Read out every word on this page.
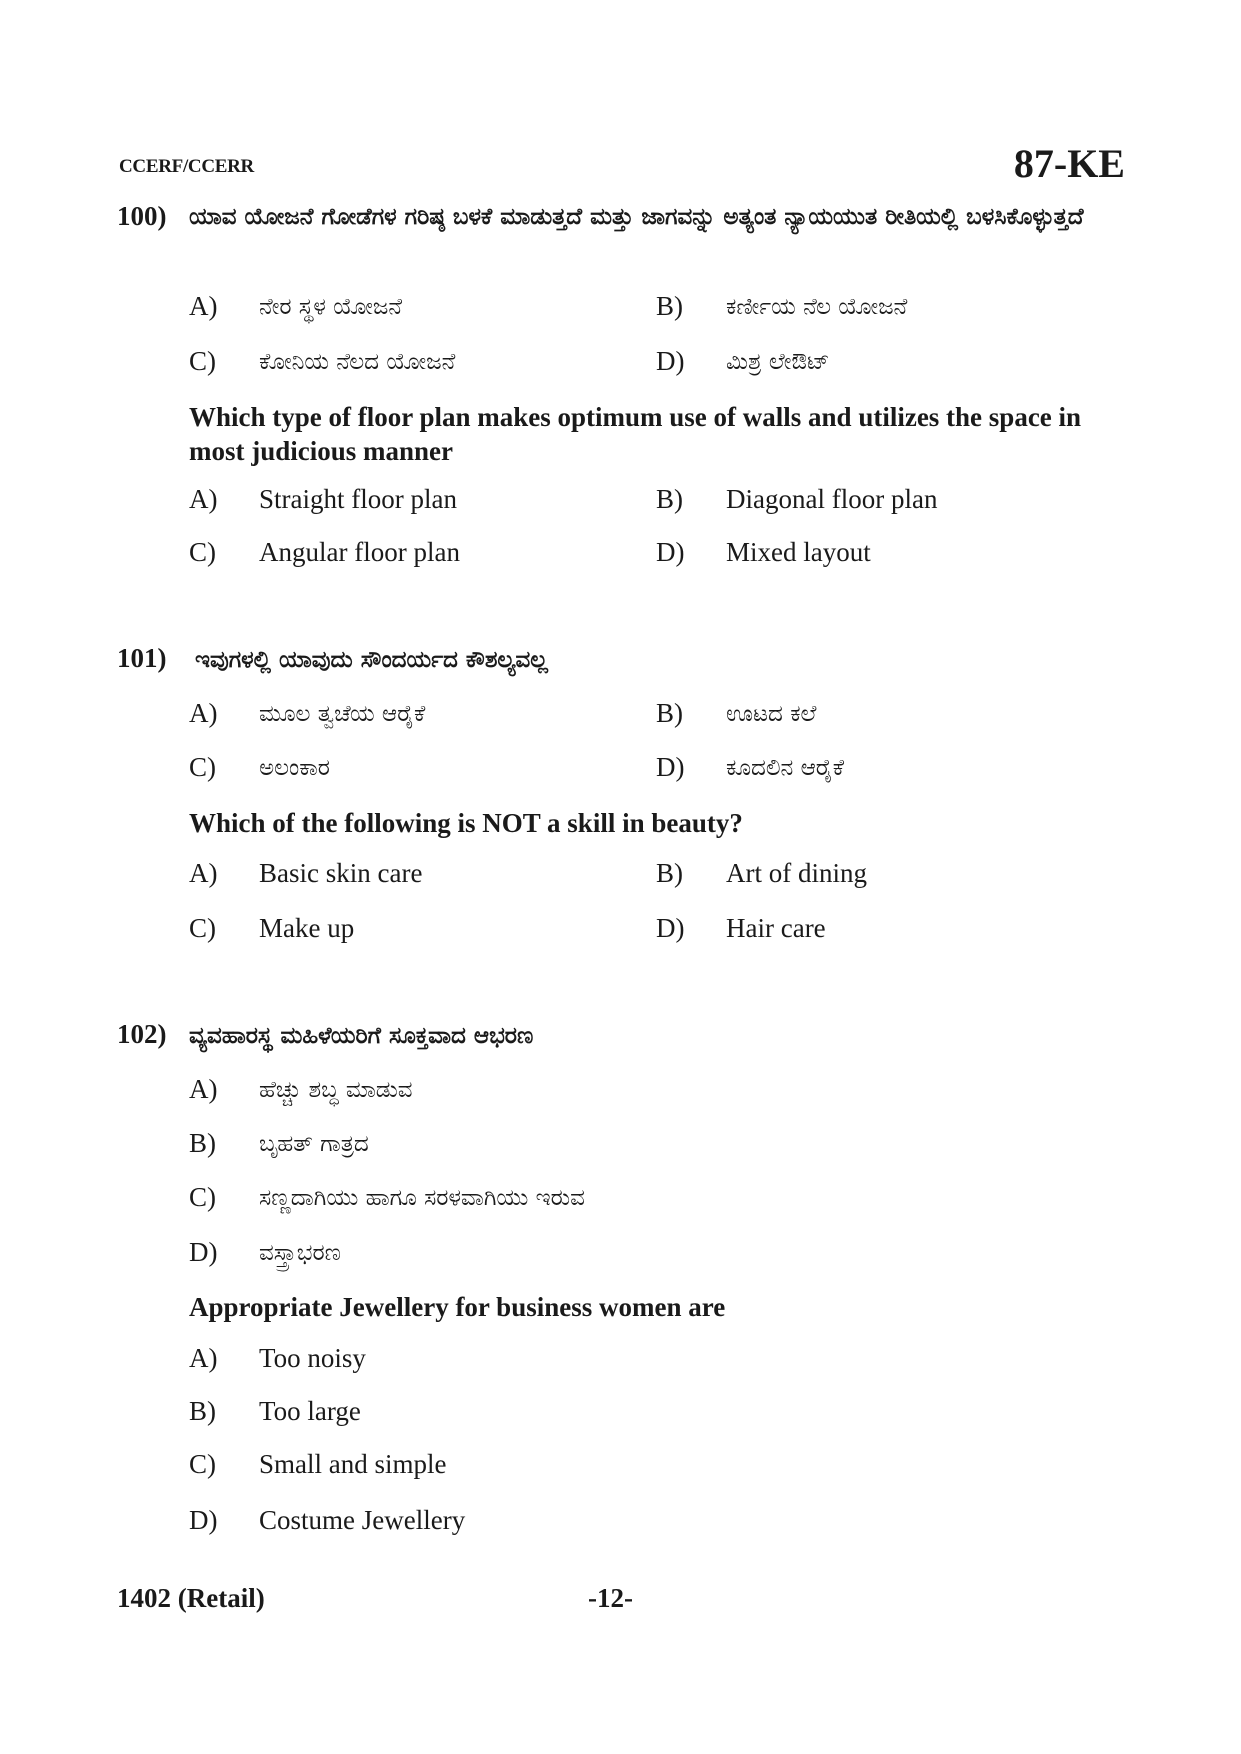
CCERF/CCERR	87-KE
100) ಯಾವ ಯೋಜನೆ ಗೋಡೆಗಳ ಗರಿಷ್ಠ ಬಳಕೆ ಮಾಡುತ್ತದೆ ಮತ್ತು ಜಾಗವನ್ನು ಅತ್ಯಂತ ನ್ಯಾಯಯುತ ರೀತಿಯಲ್ಲಿ ಬಳಸಿಕೊಳ್ಳುತ್ತದೆ
A) ನೇರ ಸ್ಥಳ ಯೋಜನೆ	B) ಕರ್ಣೀಯ ನೆಲ ಯೋಜನೆ
C) ಕೋನಿಯ ನೆಲದ ಯೋಜನೆ	D) ಮಿಶ್ರ ಲೇಔಟ್
Which type of floor plan makes optimum use of walls and utilizes the space in most judicious manner
A) Straight floor plan	B) Diagonal floor plan
C) Angular floor plan	D) Mixed layout
101) ಇವುಗಳಲ್ಲಿ ಯಾವುದು ಸೌಂದರ್ಯದ ಕೌಶಲ್ಯವಲ್ಲ
A) ಮೂಲ ತ್ವಚೆಯ ಆರೈಕೆ	B) ಊಟದ ಕಲೆ
C) ಅಲಂಕಾರ	D) ಕೂದಲಿನ ಆರೈಕೆ
Which of the following is NOT a skill in beauty?
A) Basic skin care	B) Art of dining
C) Make up	D) Hair care
102) ವ್ಯವಹಾರಸ್ಥ ಮಹಿಳೆಯರಿಗೆ ಸೂಕ್ತವಾದ ಆಭರಣ
A) ಹೆಚ್ಚು ಶಬ್ಧ ಮಾಡುವ
B) ಬೃಹತ್ ಗಾತ್ರದ
C) ಸಣ್ಣದಾಗಿಯು ಹಾಗೂ ಸರಳವಾಗಿಯು ಇರುವ
D) ವಸ್ತ್ರಾಭರಣ
Appropriate Jewellery for business women are
A) Too noisy
B) Too large
C) Small and simple
D) Costume Jewellery
1402 (Retail)	-12-
